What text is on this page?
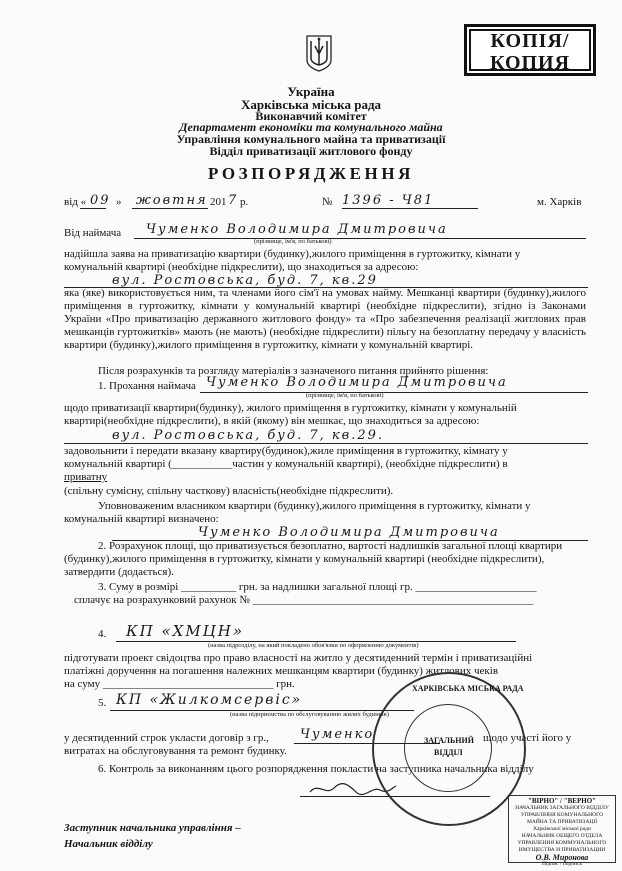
КОПІЯ/
КОПИЯ
Україна
Харківська міська рада
Виконавчий комітет
Департамент економіки та комунального майна
Управління комунального майна та приватизації
Відділ приватизації житлового фонду
РОЗПОРЯДЖЕННЯ
від « 09 » жовтня 201 7 р.	№ 1396 - Ч81	м. Харків
Від наймача Чуменко Володимира Дмитровича
(прізвище, ім'я, по батькові)
надійшла заява на приватизацію квартири (будинку),жилого приміщення в гуртожитку, кімнати у
комунальній квартирі (необхідне підкреслити), що знаходиться за адресою:
вул. Ростовська, буд. 7, кв.29
яка (яке) використовується ним, та членами його сім'ї на умовах найму. Мешканці квартири (будинку),жилого приміщення в гуртожитку, кімнати у комунальній квартирі (необхідне підкреслити), згідно із Законами України «Про приватизацію державного житлового фонду» та «Про забезпечення реалізації житлових прав мешканців гуртожитків» мають (не мають) (необхідне підкреслити) пільгу на безоплатну передачу у власність квартири (будинку),жилого приміщення в гуртожитку, кімнати у комунальній квартирі.
Після розрахунків та розгляду матеріалів з зазначеного питання прийнято рішення:
1. Прохання наймача Чуменко Володимира Дмитровича
(прізвище, ім'я, по батькові)
щодо приватизації квартири(будинку), жилого приміщення в гуртожитку, кімнати у комунальній
квартирі(необхідне підкреслити), в якій (якому) він мешкає, що знаходиться за адресою:
вул. Ростовська, буд. 7, кв.29.
задовольнити і передати вказану квартиру(будинок),жиле приміщення в гуртожитку, кімнату у
комунальній квартирі (___________частин у комунальній квартирі), (необхідне підкреслити) в
приватну
(спільну сумісну, спільну часткову) власність(необхідне підкреслити).
Уповноваженим власником квартири (будинку),жилого приміщення в гуртожитку, кімнати у
комунальній квартирі визначено:
Чуменко Володимира Дмитровича
2. Розрахунок площі, що приватизується безоплатно, вартості надлишків загальної площі квартири
(будинку),жилого приміщення в гуртожитку, кімнати у комунальній квартирі (необхідне підкреслити),
затвердити (додається).
3. Суму в розмірі __________ грн. за надлишки загальної площі гр. ______________________
сплачує на розрахунковий рахунок № ___________________________________________________
4. КП «ХМЦН»
(назва підрозділу, на який покладено обов'язки по оформленню документів)
підготувати проект свідоцтва про право власності на житло у десятиденний термін і приватизаційні
платіжні доручення на погашення належних мешканцям квартири (будинку) житлових чеків
на суму _______________________________ грн.
5. КП «Жилкомсервіс»
(назва підприємства по обслуговуванню жилих будинків)
у десятиденний строк укласти договір з гр., Чуменко	щодо участі його у
витратах на обслуговування та ремонт будинку.
6. Контроль за виконанням цього розпорядження покласти на заступника начальника відділу
Заступник начальника управління –
Начальник відділу
ХАРКІВСЬКА МІСЬКА РАДА
ЗАГАЛЬНИЙ
ВІДДІЛ
"ВІРНО" / "ВЕРНО"
НАЧАЛЬНИК ЗАГАЛЬНОГО ВІДДІЛУ
УПРАВЛІННЯ КОМУНАЛЬНОГО МАЙНА ТА ПРИВАТИЗАЦІЇ
Харківської міської ради
НАЧАЛЬНИК ОБЩЕГО ОТДЕЛА
УПРАВЛЕНИЯ КОММУНАЛЬНОГО ИМУЩЕСТВА И ПРИВАТИЗАЦИИ
О.В. Миронова
Підпис / подпись
